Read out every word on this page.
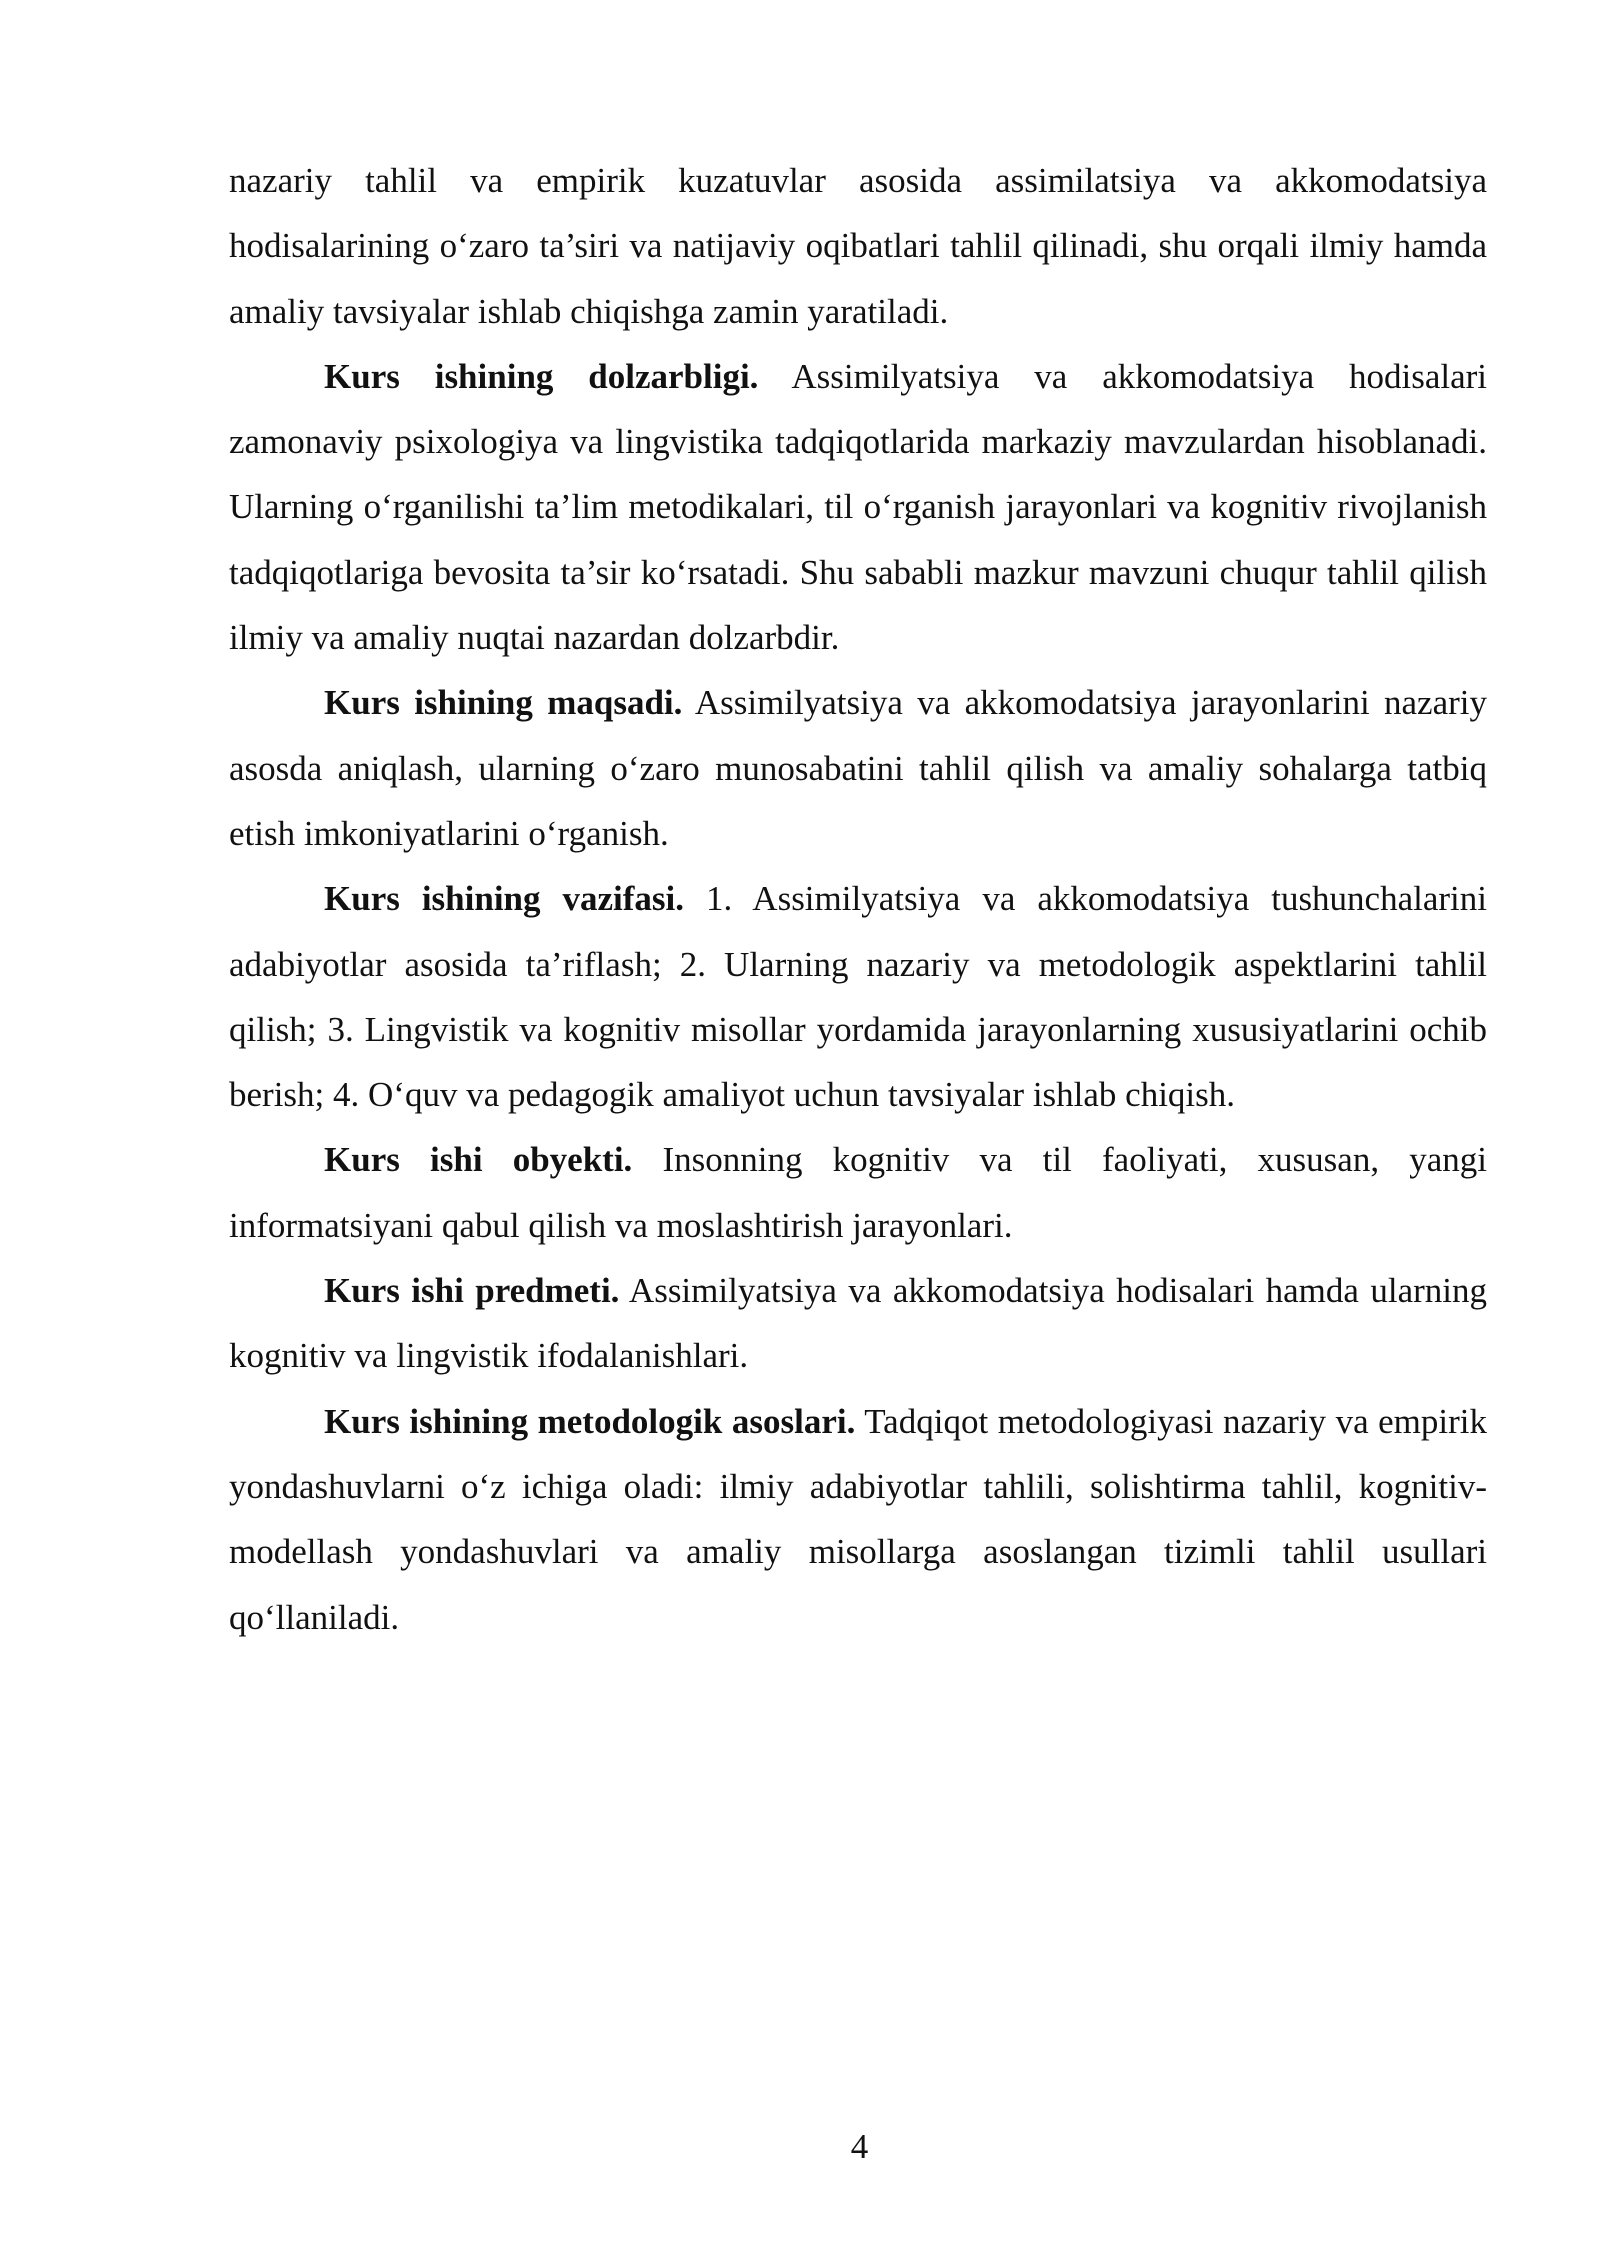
nazariy tahlil va empirik kuzatuvlar asosida assimilatsiya va akkomodatsiya hodisalarining o‘zaro ta’siri va natijaviy oqibatlari tahlil qilinadi, shu orqali ilmiy hamda amaliy tavsiyalar ishlab chiqishga zamin yaratiladi.

Kurs ishining dolzarbligi. Assimilyatsiya va akkomodatsiya hodisalari zamonaviy psixologiya va lingvistika tadqiqotlarida markaziy mavzulardan hisoblanadi. Ularning o‘rganilishi ta’lim metodikalari, til o‘rganish jarayonlari va kognitiv rivojlanish tadqiqotlariga bevosita ta’sir ko‘rsatadi. Shu sababli mazkur mavzuni chuqur tahlil qilish ilmiy va amaliy nuqtai nazardan dolzarbdir.

Kurs ishining maqsadi. Assimilyatsiya va akkomodatsiya jarayonlarini nazariy asosda aniqlash, ularning o‘zaro munosabatini tahlil qilish va amaliy sohalarga tatbiq etish imkoniyatlarini o‘rganish.

Kurs ishining vazifasi. 1. Assimilyatsiya va akkomodatsiya tushunchalarini adabiyotlar asosida ta’riflash; 2. Ularning nazariy va metodologik aspektlarini tahlil qilish; 3. Lingvistik va kognitiv misollar yordamida jarayonlarning xususiyatlarini ochib berish; 4. O‘quv va pedagogik amaliyot uchun tavsiyalar ishlab chiqish.

Kurs ishi obyekti. Insonning kognitiv va til faoliyati, xususan, yangi informatsiyani qabul qilish va moslashtirish jarayonlari.

Kurs ishi predmeti. Assimilyatsiya va akkomodatsiya hodisalari hamda ularning kognitiv va lingvistik ifodalanishlari.

Kurs ishining metodologik asoslari. Tadqiqot metodologiyasi nazariy va empirik yondashuvlarni o‘z ichiga oladi: ilmiy adabiyotlar tahlili, solishtirma tahlil, kognitiv-modellash yondashuvlari va amaliy misollarga asoslangan tizimli tahlil usullari qo‘llaniladi.

4
